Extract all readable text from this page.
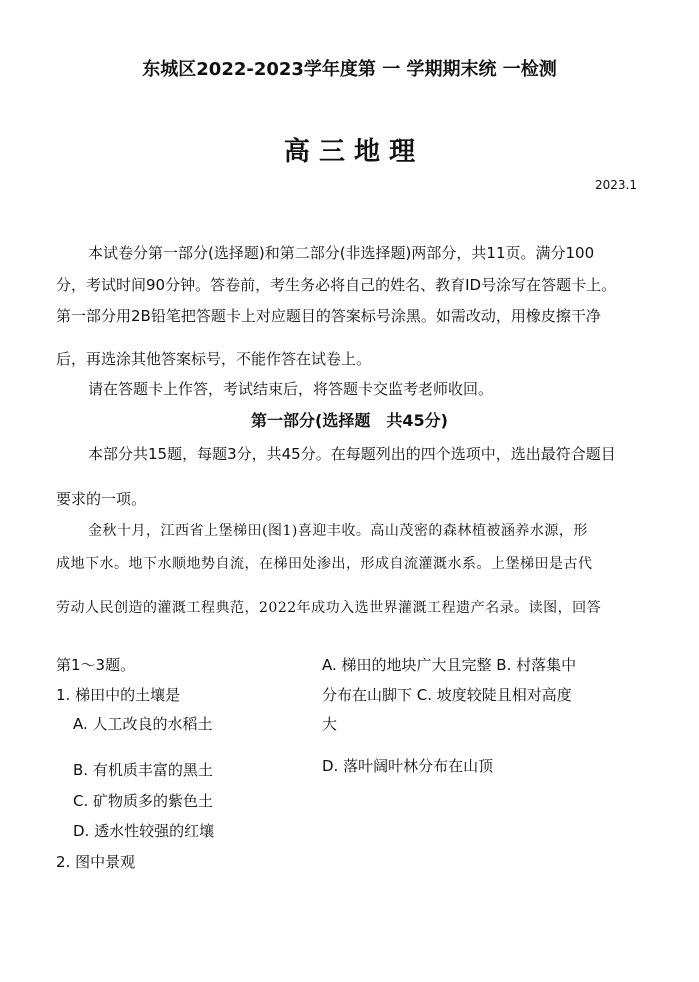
东城区2022-2023学年度第 一 学期期末统 一检测
高 三 地 理
2023.1
本试卷分第一部分(选择题)和第二部分(非选择题)两部分，共11页。满分100
分，考试时间90分钟。答卷前，考生务必将自己的姓名、教育ID号涂写在答题卡上。
第一部分用2B铅笔把答题卡上对应题目的答案标号涂黑。如需改动，用橡皮擦干净
后，再选涂其他答案标号，不能作答在试卷上。
请在答题卡上作答，考试结束后，将答题卡交监考老师收回。
第一部分(选择题　共45分)
本部分共15题，每题3分，共45分。在每题列出的四个选项中，选出最符合题目
要求的一项。
金秋十月，江西省上堡梯田(图1)喜迎丰收。高山茂密的森林植被涵养水源，形
成地下水。地下水顺地势自流，在梯田处渗出，形成自流灌溉水系。上堡梯田是古代
劳动人民创造的灌溉工程典范，2022年成功入选世界灌溉工程遗产名录。读图，回答
第1～3题。
1. 梯田中的土壤是
A. 人工改良的水稻土
B. 有机质丰富的黑土
C. 矿物质多的紫色土
D. 透水性较强的红壤
2. 图中景观
A. 梯田的地块广大且完整 B. 村落集中
分布在山脚下 C. 坡度较陡且相对高度
大
D. 落叶阔叶林分布在山顶
